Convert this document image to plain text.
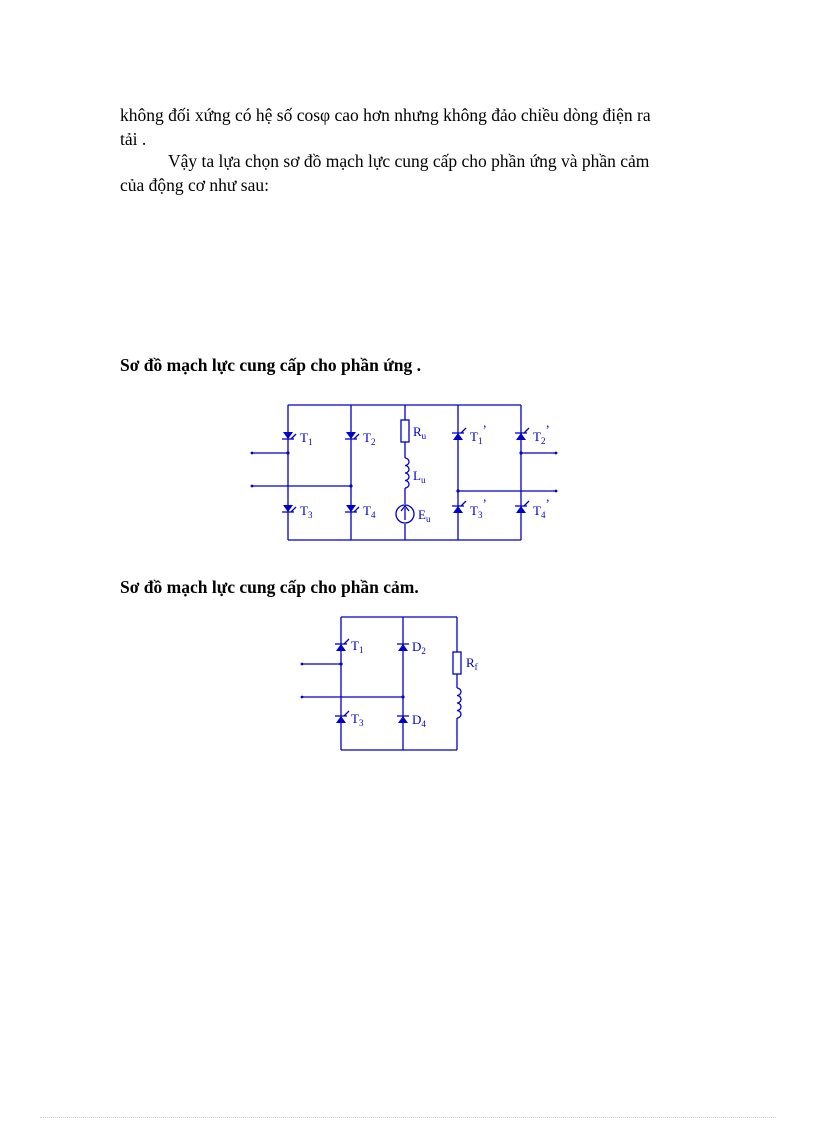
không đối xứng có hệ số cosφ cao hơn nhưng không đảo chiều dòng điện ra
tải .

Vậy ta lựa chọn sơ đồ mạch lực cung cấp cho phần ứng và phần cảm
của động cơ như sau:

Sơ đồ mạch lực cung cấp cho phần ứng .

$T_1$	$T_2$
$T_3$	$T_4$
$R_u$
$L_u$
$E_u$
$T_1$’	$T_2$’
$T_3$’	$T_4$’

Sơ đồ mạch lực cung cấp cho phần cảm.

$T_1$	$D_2$
$T_3$	$D_4$
$R_f$
